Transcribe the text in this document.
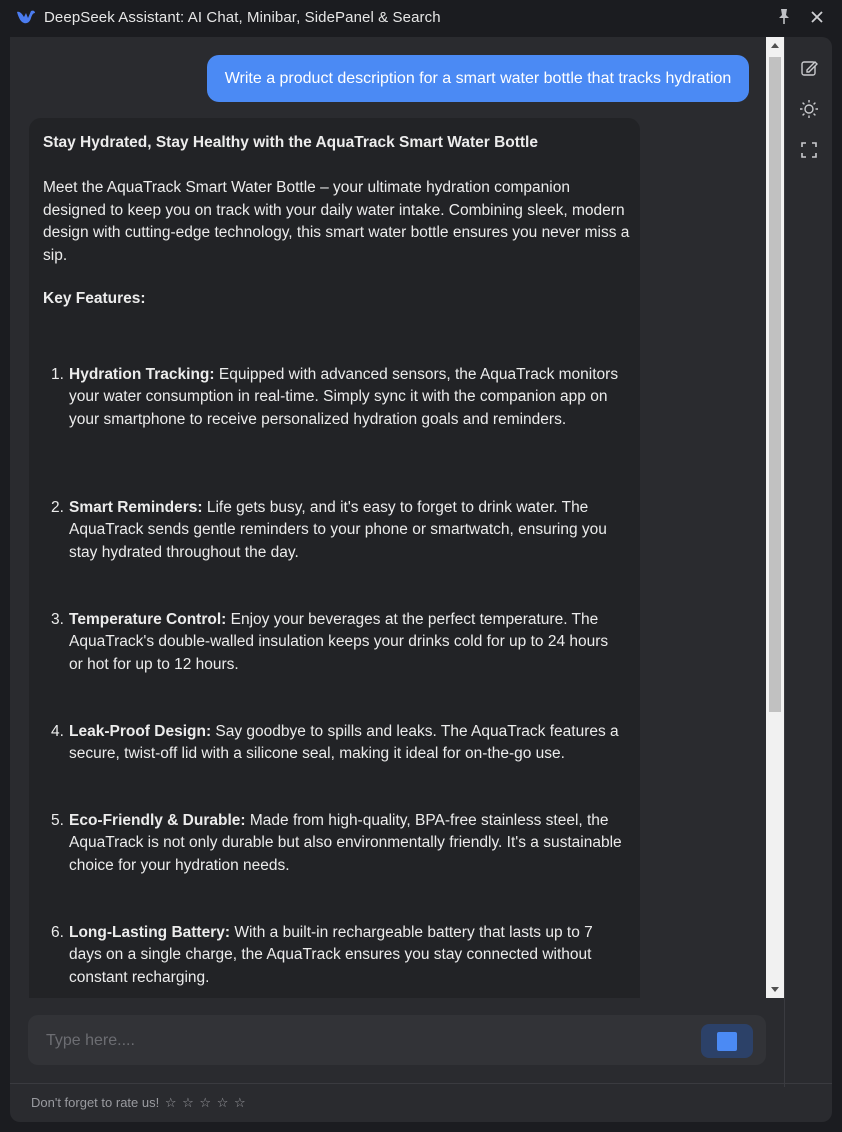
DeepSeek Assistant: AI Chat, Minibar, SidePanel & Search
Write a product description for a smart water bottle that tracks hydration
Stay Hydrated, Stay Healthy with the AquaTrack Smart Water Bottle
Meet the AquaTrack Smart Water Bottle – your ultimate hydration companion designed to keep you on track with your daily water intake. Combining sleek, modern design with cutting-edge technology, this smart water bottle ensures you never miss a sip.
Key Features:
1. Hydration Tracking: Equipped with advanced sensors, the AquaTrack monitors your water consumption in real-time. Simply sync it with the companion app on your smartphone to receive personalized hydration goals and reminders.
2. Smart Reminders: Life gets busy, and it's easy to forget to drink water. The AquaTrack sends gentle reminders to your phone or smartwatch, ensuring you stay hydrated throughout the day.
3. Temperature Control: Enjoy your beverages at the perfect temperature. The AquaTrack's double-walled insulation keeps your drinks cold for up to 24 hours or hot for up to 12 hours.
4. Leak-Proof Design: Say goodbye to spills and leaks. The AquaTrack features a secure, twist-off lid with a silicone seal, making it ideal for on-the-go use.
5. Eco-Friendly & Durable: Made from high-quality, BPA-free stainless steel, the AquaTrack is not only durable but also environmentally friendly. It's a sustainable choice for your hydration needs.
6. Long-Lasting Battery: With a built-in rechargeable battery that lasts up to 7 days on a single charge, the AquaTrack ensures you stay connected without constant recharging.
Type here....
Don't forget to rate us! ☆ ☆ ☆ ☆ ☆
